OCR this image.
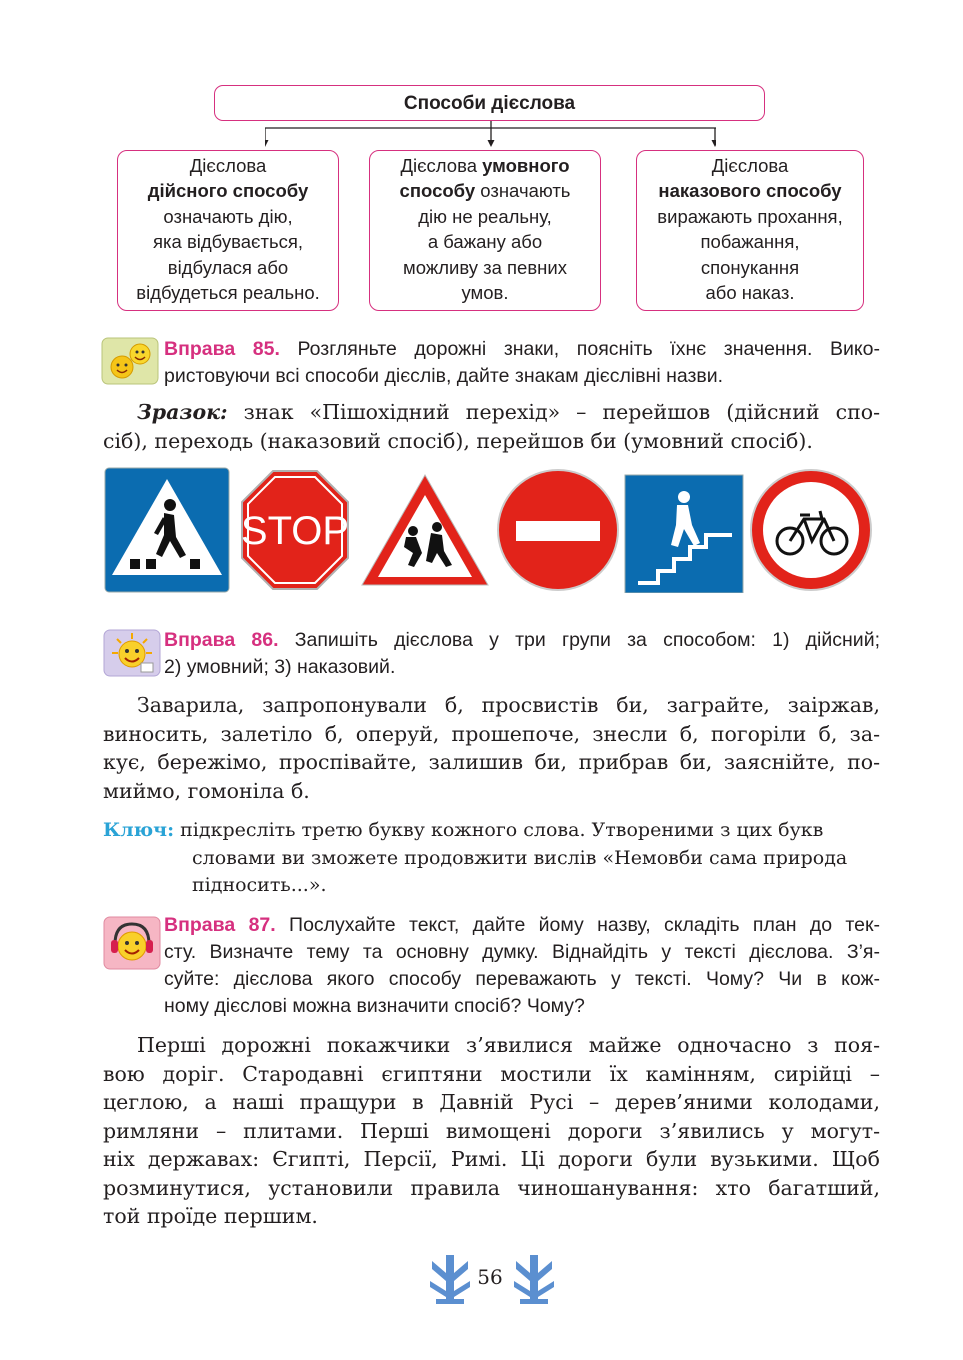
Способи дієслова
Дієслова
дійсного способу
означають дію,
яка відбувається,
відбулася або
відбудеться реально.
Дієслова умовного
способу означають
дію не реальну,
а бажану або
можливу за певних
умов.
Дієслова
наказового способу
виражають прохання,
побажання,
спонукання
або наказ.
Вправа 85. Розгляньте дорожні знаки, поясніть їхнє значення. Вико-
ристовуючи всі способи дієслів, дайте знакам дієслівні назви.
Зразок: знак «Пішохідний перехід» – перейшов (дійсний спо-
сіб), переходь (наказовий спосіб), перейшов би (умовний спосіб).
STOP
Вправа 86. Запишіть дієслова у три групи за способом: 1) дійсний;
2) умовний; 3) наказовий.
Заварила, запропонували б, просвистів би, заграйте, заіржав,
виносить, залетіло б, оперуй, прошепоче, знесли б, погоріли б, за-
кує, бережімо, проспівайте, залишив би, прибрав би, заяснійте, по-
миймо, гомоніла б.
Ключ: підкресліть третю букву кожного слова. Утвореними з цих букв
словами ви зможете продовжити вислів «Немовби сама природа
підносить...».
Вправа 87. Послухайте текст, дайте йому назву, складіть план до тек-
сту. Визначте тему та основну думку. Віднайдіть у тексті дієслова. З’я-
суйте: дієслова якого способу переважають у тексті. Чому? Чи в кож-
ному дієслові можна визначити спосіб? Чому?
Перші дорожні покажчики з’явилися майже одночасно з поя-
вою доріг. Стародавні єгиптяни мостили їх камінням, сирійці –
цеглою, а наші пращури в Давній Русі – дерев’яними колодами,
римляни – плитами. Перші вимощені дороги з’явились у могут-
ніх державах: Єгипті, Персії, Римі. Ці дороги були вузькими. Щоб
розминутися, установили правила чиношанування: хто багатший,
той проїде першим.
56
